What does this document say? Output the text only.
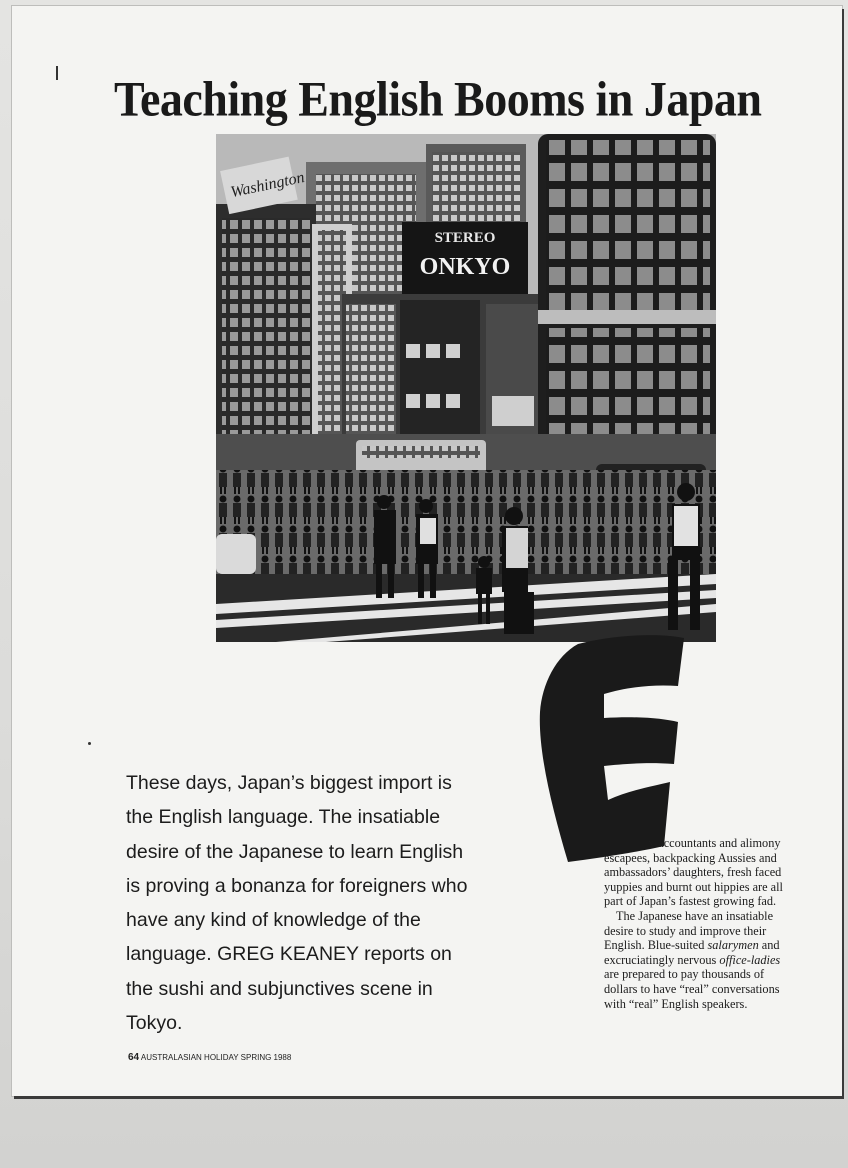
Teaching English Booms in Japan
Washington
STEREO
ONKYO
These days, Japan’s biggest import is
the English language. The insatiable
desire of the Japanese to learn English
is proving a bonanza for foreigners who
have any kind of knowledge of the
language. GREG KEANEY reports on
the sushi and subjunctives scene in
Tokyo.
x-accountants and alimony
escapees, backpacking Aussies and
ambassadors’ daughters, fresh faced
yuppies and burnt out hippies are all
part of Japan’s fastest growing fad.
The Japanese have an insatiable
desire to study and improve their
English. Blue-suited salarymen and
excruciatingly nervous office-ladies
are prepared to pay thousands of
dollars to have “real” conversations
with “real” English speakers.
64 AUSTRALASIAN HOLIDAY SPRING 1988
